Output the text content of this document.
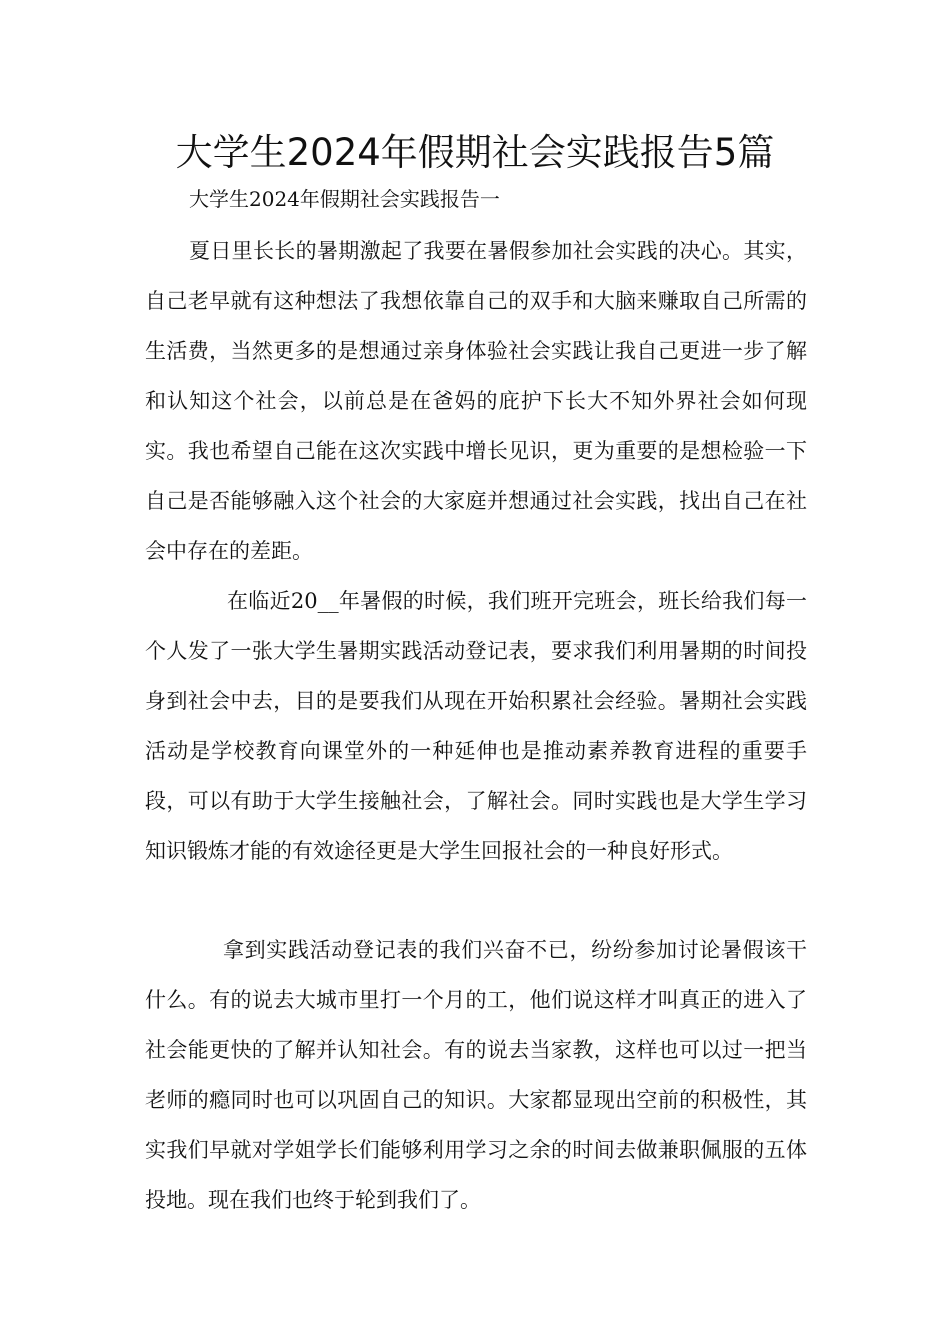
大学生2024年假期社会实践报告5篇

大学生2024年假期社会实践报告一

夏日里长长的暑期激起了我要在暑假参加社会实践的决心。其实，自己老早就有这种想法了我想依靠自己的双手和大脑来赚取自己所需的生活费，当然更多的是想通过亲身体验社会实践让我自己更进一步了解和认知这个社会，以前总是在爸妈的庇护下长大不知外界社会如何现实。我也希望自己能在这次实践中增长见识，更为重要的是想检验一下自己是否能够融入这个社会的大家庭并想通过社会实践，找出自己在社会中存在的差距。

在临近20__年暑假的时候，我们班开完班会，班长给我们每一个人发了一张大学生暑期实践活动登记表，要求我们利用暑期的时间投身到社会中去，目的是要我们从现在开始积累社会经验。暑期社会实践活动是学校教育向课堂外的一种延伸也是推动素养教育进程的重要手段，可以有助于大学生接触社会，了解社会。同时实践也是大学生学习知识锻炼才能的有效途径更是大学生回报社会的一种良好形式。

拿到实践活动登记表的我们兴奋不已，纷纷参加讨论暑假该干什么。有的说去大城市里打一个月的工，他们说这样才叫真正的进入了社会能更快的了解并认知社会。有的说去当家教，这样也可以过一把当老师的瘾同时也可以巩固自己的知识。大家都显现出空前的积极性，其实我们早就对学姐学长们能够利用学习之余的时间去做兼职佩服的五体投地。现在我们也终于轮到我们了。
